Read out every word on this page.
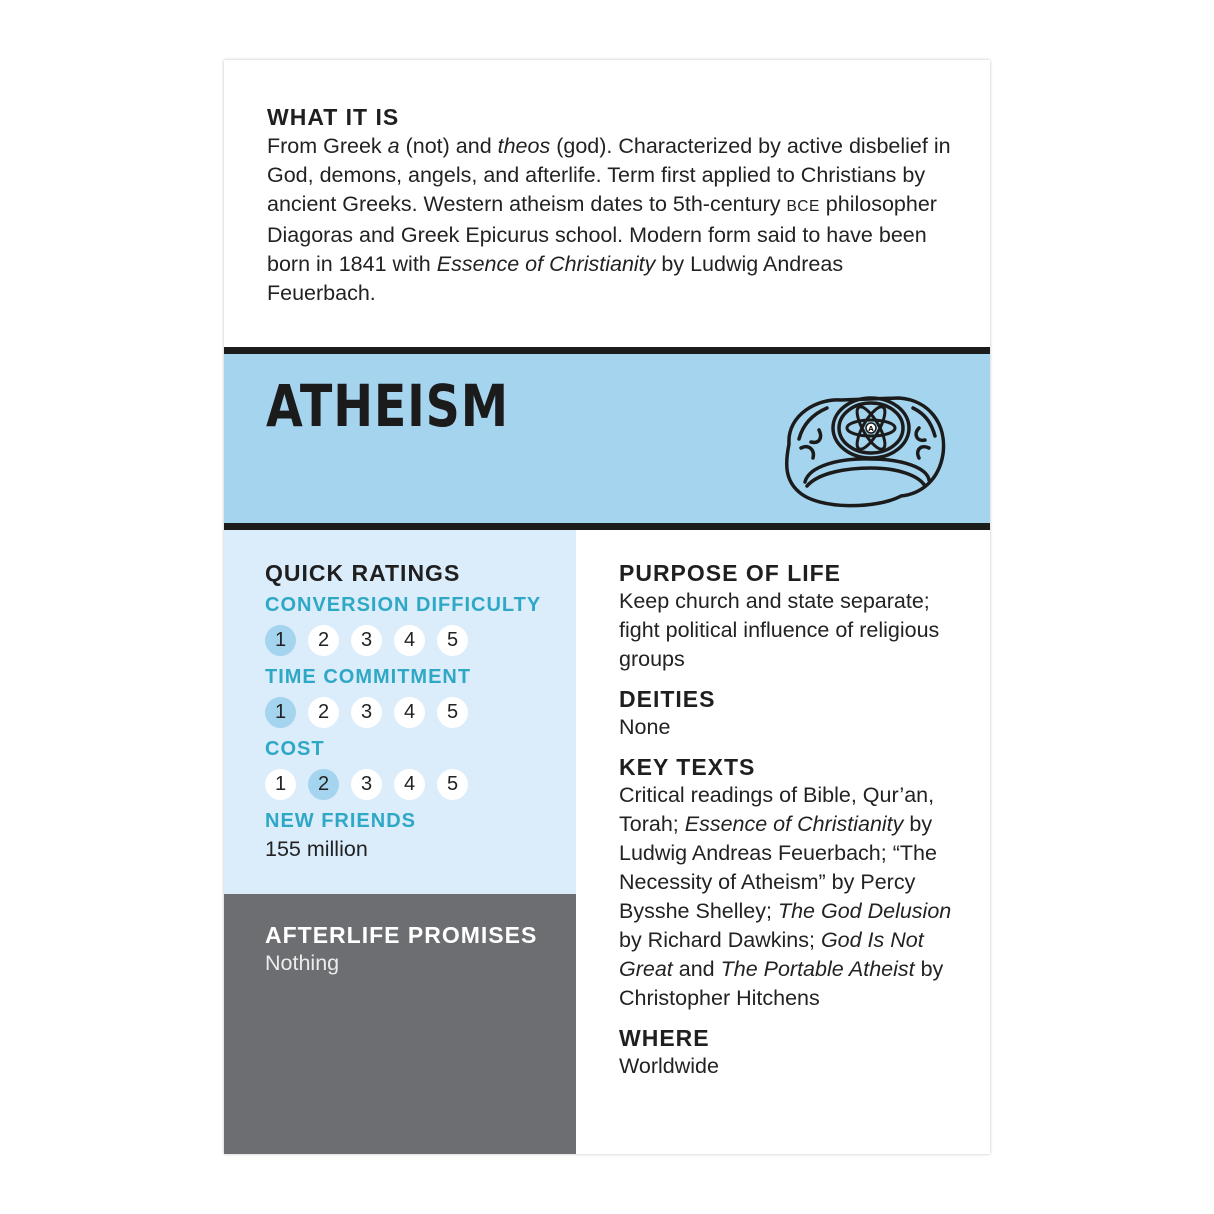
WHAT IT IS
From Greek a (not) and theos (god). Characterized by active disbelief in God, demons, angels, and afterlife. Term first applied to Christians by ancient Greeks. Western atheism dates to 5th-century BCE philosopher Diagoras and Greek Epicurus school. Modern form said to have been born in 1841 with Essence of Christianity by Ludwig Andreas Feuerbach.
ATHEISM	A
QUICK RATINGS
CONVERSION DIFFICULTY
1	2	3	4	5
TIME COMMITMENT
1	2	3	4	5
COST
1	2	3	4	5
NEW FRIENDS
155 million
AFTERLIFE PROMISES
Nothing
PURPOSE OF LIFE
Keep church and state separate; fight political influence of religious groups
DEITIES
None
KEY TEXTS
Critical readings of Bible, Qur’an, Torah; Essence of Christianity by Ludwig Andreas Feuerbach; “The Necessity of Atheism” by Percy Bysshe Shelley; The God Delusion by Richard Dawkins; God Is Not Great and The Portable Atheist by Christopher Hitchens
WHERE
Worldwide
